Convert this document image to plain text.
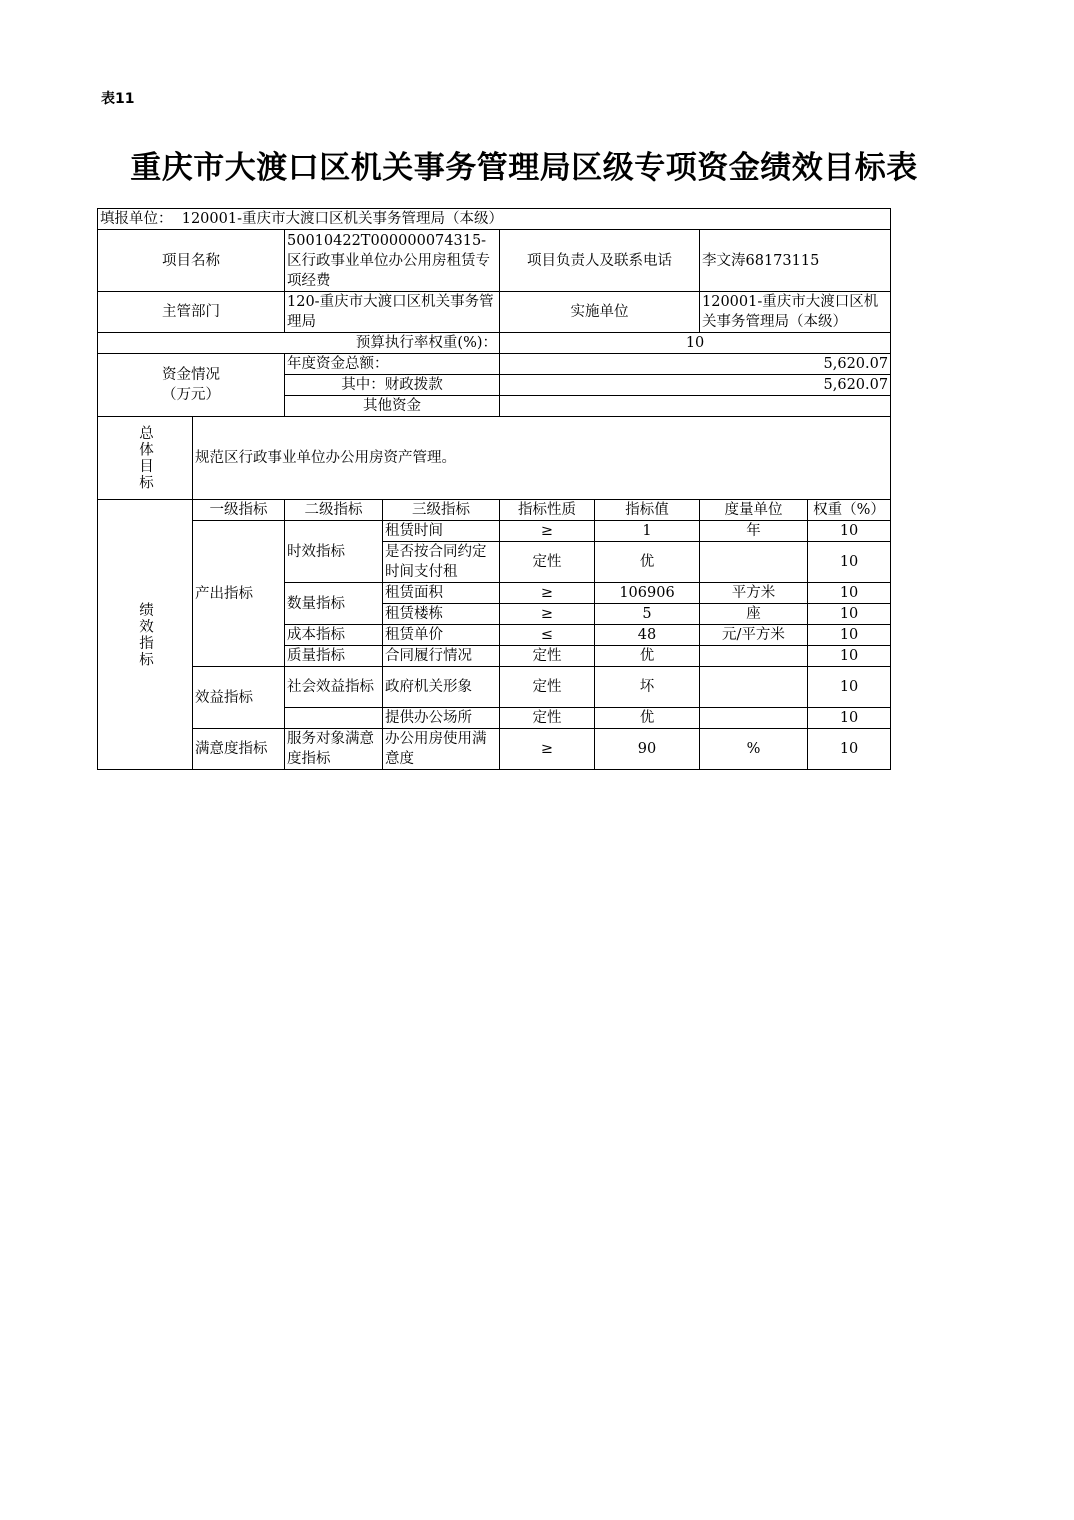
表11
重庆市大渡口区机关事务管理局区级专项资金绩效目标表
填报单位： 120001-重庆市大渡口区机关事务管理局（本级）							
项目名称		50010422T000000074315-区行政事业单位办公用房租赁专项经费		项目负责人及联系电话		李文涛68173115	
主管部门		120-重庆市大渡口区机关事务管理局		实施单位		120001-重庆市大渡口区机关事务管理局（本级）	
预算执行率权重(%)：				10			

资金情况（万元）		年度资金总额：		5,620.07			
		其中：财政拨款		5,620.07			
		其他资金					

总体目标	规范区行政事业单位办公用房资产管理。						

绩效指标	一级指标	二级指标	三级指标	指标性质	指标值	度量单位	权重（%）
	产出指标	时效指标	租赁时间	≥	1	年	10
			是否按合同约定时间支付租	定性	优		10
		数量指标	租赁面积	≥	106906	平方米	10
			租赁楼栋	≥	5	座	10
		成本指标	租赁单价	≤	48	元/平方米	10
		质量指标	合同履行情况	定性	优		10
	效益指标	社会效益指标	政府机关形象	定性	坏		10
			提供办公场所	定性	优		10
	满意度指标	服务对象满意度指标	办公用房使用满意度	≥	90	%	10
